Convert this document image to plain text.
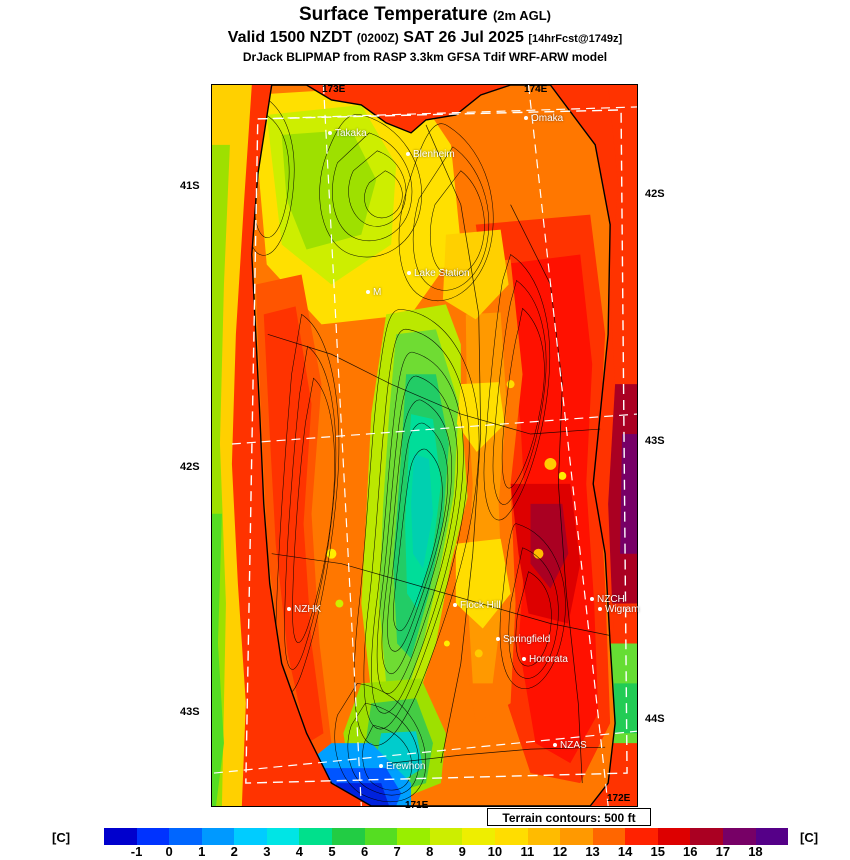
Surface Temperature (2m AGL)
Valid 1500 NZDT (0200Z) SAT 26 Jul 2025 [14hrFcst@1749z]
DrJack BLIPMAP from RASP 3.3km GFSA Tdif WRF-ARW model
41S
42S
43S
42S
43S
44S
173E	174E
172E
171E
Takaka
Omaka
Blenheim
Lake Station
M
NZHK	Flock Hill
NZCH
Wigram
Springfield
Hororata
NZAS
Erewhon
Terrain contours: 500 ft
[C]	[C]
-1 0 1 2 3 4 5 6 7 8 9 10 11 12 13 14 15 16 17 18
